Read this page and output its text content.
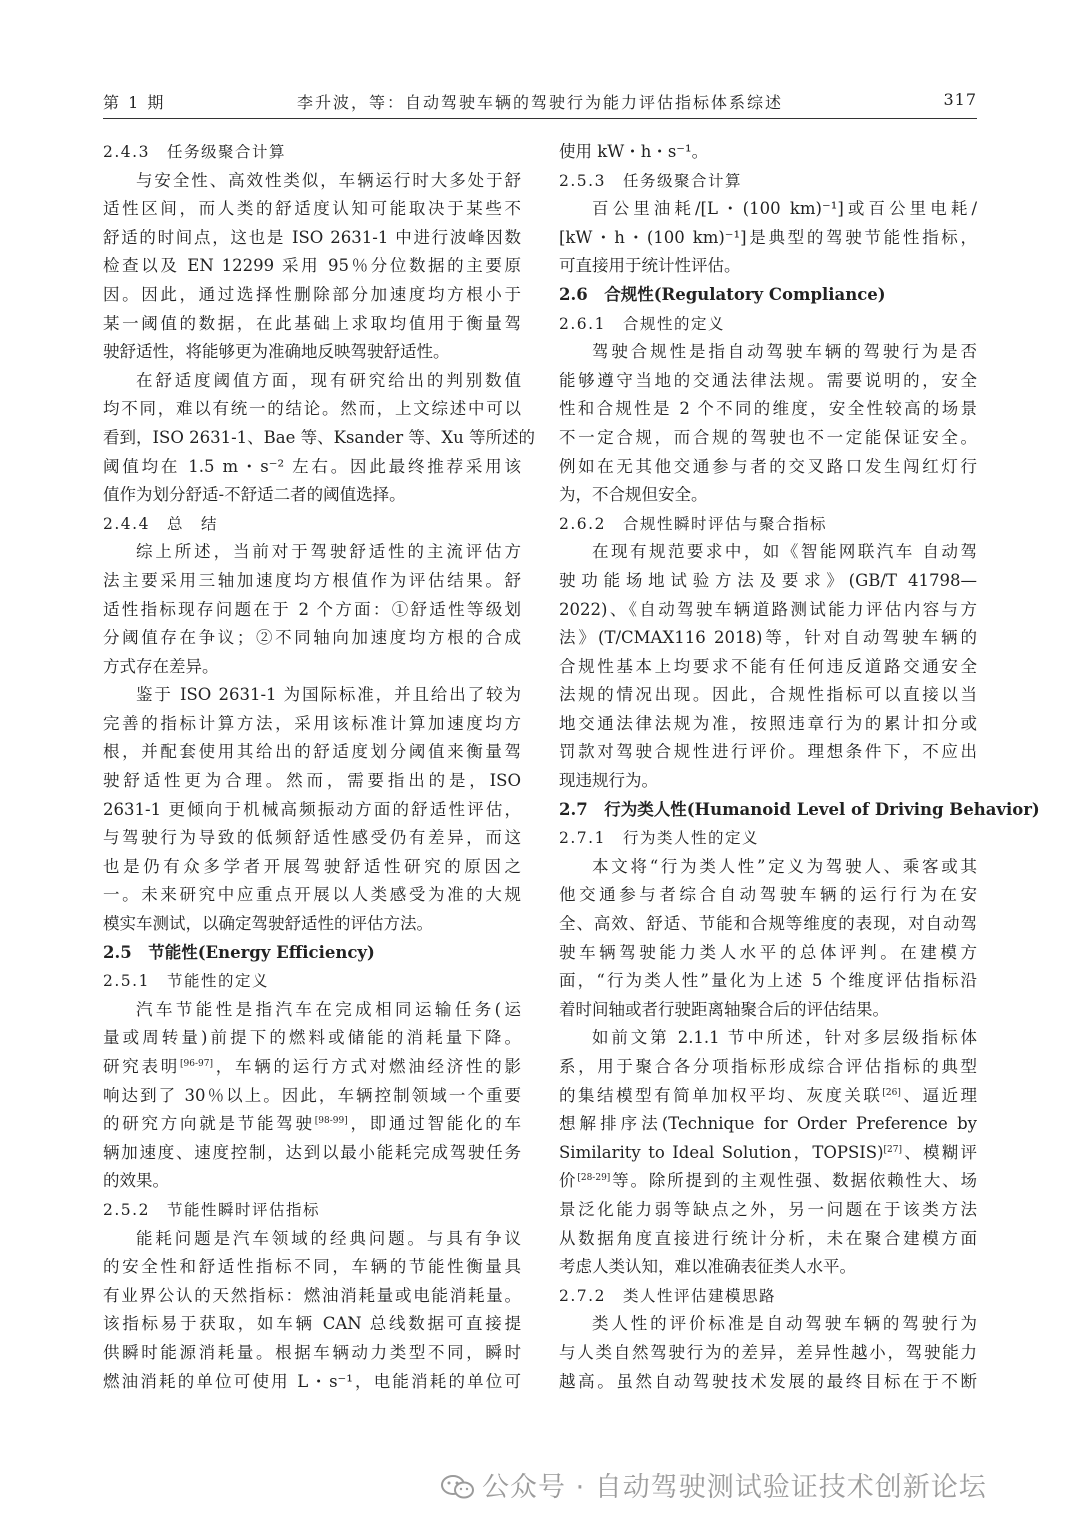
第 1 期	李升波，等：自动驾驶车辆的驾驶行为能力评估指标体系综述	317
2.4.3　任务级聚合计算
与安全性、高效性类似，车辆运行时大多处于舒
适性区间，而人类的舒适度认知可能取决于某些不
舒适的时间点，这也是 ISO 2631-1 中进行波峰因数
检查以及 EN 12299 采用 95％分位数据的主要原
因。因此，通过选择性删除部分加速度均方根小于
某一阈值的数据，在此基础上求取均值用于衡量驾
驶舒适性，将能够更为准确地反映驾驶舒适性。
在舒适度阈值方面，现有研究给出的判别数值
均不同，难以有统一的结论。然而，上文综述中可以
看到，ISO 2631-1、Bae 等、Ksander 等、Xu 等所述的
阈值均在 1.5 m・s⁻² 左右。因此最终推荐采用该
值作为划分舒适-不舒适二者的阈值选择。
2.4.4　总　结
综上所述，当前对于驾驶舒适性的主流评估方
法主要采用三轴加速度均方根值作为评估结果。舒
适性指标现存问题在于 2 个方面：①舒适性等级划
分阈值存在争议；②不同轴向加速度均方根的合成
方式存在差异。
鉴于 ISO 2631-1 为国际标准，并且给出了较为
完善的指标计算方法，采用该标准计算加速度均方
根，并配套使用其给出的舒适度划分阈值来衡量驾
驶舒适性更为合理。然而，需要指出的是，ISO
2631-1 更倾向于机械高频振动方面的舒适性评估，
与驾驶行为导致的低频舒适性感受仍有差异，而这
也是仍有众多学者开展驾驶舒适性研究的原因之
一。未来研究中应重点开展以人类感受为准的大规
模实车测试，以确定驾驶舒适性的评估方法。
2.5　节能性(Energy Efficiency)
2.5.1　节能性的定义
汽车节能性是指汽车在完成相同运输任务(运
量或周转量)前提下的燃料或储能的消耗量下降。
研究表明[96-97]，车辆的运行方式对燃油经济性的影
响达到了 30％以上。因此，车辆控制领域一个重要
的研究方向就是节能驾驶[98-99]，即通过智能化的车
辆加速度、速度控制，达到以最小能耗完成驾驶任务
的效果。
2.5.2　节能性瞬时评估指标
能耗问题是汽车领域的经典问题。与具有争议
的安全性和舒适性指标不同，车辆的节能性衡量具
有业界公认的天然指标：燃油消耗量或电能消耗量。
该指标易于获取，如车辆 CAN 总线数据可直接提
供瞬时能源消耗量。根据车辆动力类型不同，瞬时
燃油消耗的单位可使用 L・s⁻¹，电能消耗的单位可
使用 kW・h・s⁻¹。
2.5.3　任务级聚合计算
百公里油耗/[L・(100 km)⁻¹]或百公里电耗/
[kW・h・(100 km)⁻¹]是典型的驾驶节能性指标，
可直接用于统计性评估。
2.6　合规性(Regulatory Compliance)
2.6.1　合规性的定义
驾驶合规性是指自动驾驶车辆的驾驶行为是否
能够遵守当地的交通法律法规。需要说明的，安全
性和合规性是 2 个不同的维度，安全性较高的场景
不一定合规，而合规的驾驶也不一定能保证安全。
例如在无其他交通参与者的交叉路口发生闯红灯行
为，不合规但安全。
2.6.2　合规性瞬时评估与聚合指标
在现有规范要求中，如《智能网联汽车 自动驾
驶功能场地试验方法及要求》(GB/T 41798—
2022)、《自动驾驶车辆道路测试能力评估内容与方
法》(T/CMAX116 2018)等，针对自动驾驶车辆的
合规性基本上均要求不能有任何违反道路交通安全
法规的情况出现。因此，合规性指标可以直接以当
地交通法律法规为准，按照违章行为的累计扣分或
罚款对驾驶合规性进行评价。理想条件下，不应出
现违规行为。
2.7　行为类人性(Humanoid Level of Driving Behavior)
2.7.1　行为类人性的定义
本文将“行为类人性”定义为驾驶人、乘客或其
他交通参与者综合自动驾驶车辆的运行行为在安
全、高效、舒适、节能和合规等维度的表现，对自动驾
驶车辆驾驶能力类人水平的总体评判。在建模方
面，“行为类人性”量化为上述 5 个维度评估指标沿
着时间轴或者行驶距离轴聚合后的评估结果。
如前文第 2.1.1 节中所述，针对多层级指标体
系，用于聚合各分项指标形成综合评估指标的典型
的集结模型有简单加权平均、灰度关联[26]、逼近理
想解排序法(Technique for Order Preference by
Similarity to Ideal Solution，TOPSIS)[27]、模糊评
价[28-29]等。除所提到的主观性强、数据依赖性大、场
景泛化能力弱等缺点之外，另一问题在于该类方法
从数据角度直接进行统计分析，未在聚合建模方面
考虑人类认知，难以准确表征类人水平。
2.7.2　类人性评估建模思路
类人性的评价标准是自动驾驶车辆的驾驶行为
与人类自然驾驶行为的差异，差异性越小，驾驶能力
越高。虽然自动驾驶技术发展的最终目标在于不断
公众号 · 自动驾驶测试验证技术创新论坛
